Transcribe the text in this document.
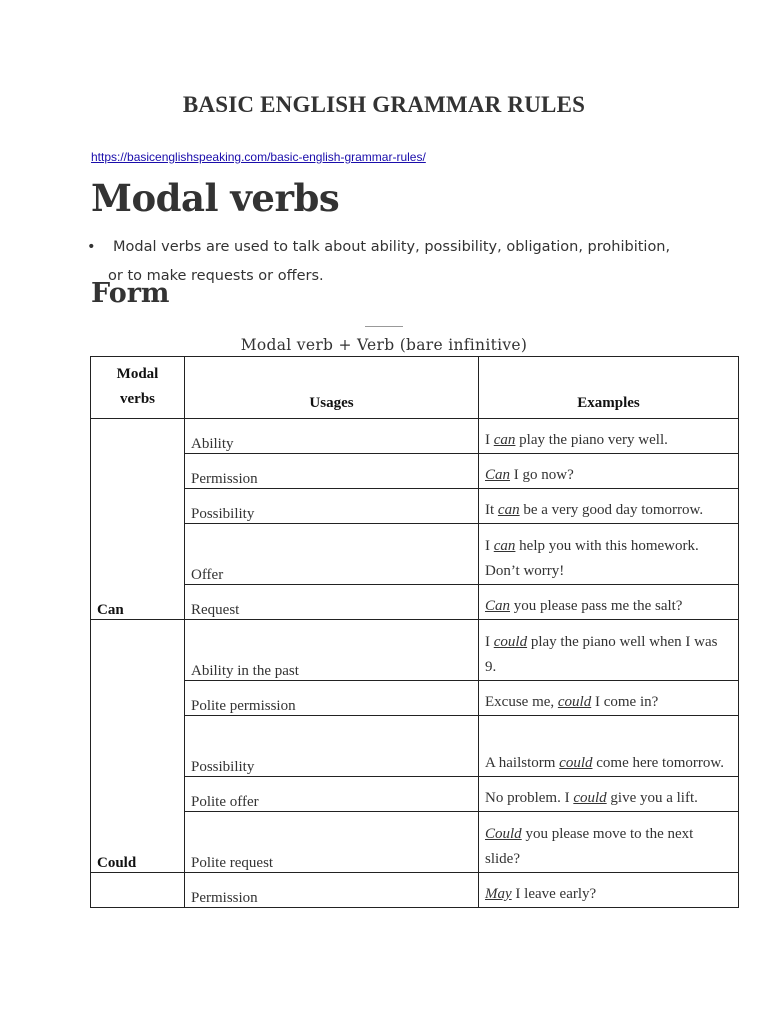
BASIC ENGLISH GRAMMAR RULES
https://basicenglishspeaking.com/basic-english-grammar-rules/
Modal verbs
• Modal verbs are used to talk about ability, possibility, obligation, prohibition,
or to make requests or offers.
Form
Modal verb + Verb (bare infinitive)
Modal
verbs	Usages	Examples
Can	Ability	I can play the piano very well.
	Permission	Can I go now?
	Possibility	It can be a very good day tomorrow.
	Offer	I can help you with this homework. Don’t worry!
	Request	Can you please pass me the salt?
Could	Ability in the past	I could play the piano well when I was 9.
	Polite permission	Excuse me, could I come in?
	Possibility	A hailstorm could come here tomorrow.
	Polite offer	No problem. I could give you a lift.
	Polite request	Could you please move to the next slide?
	Permission	May I leave early?
